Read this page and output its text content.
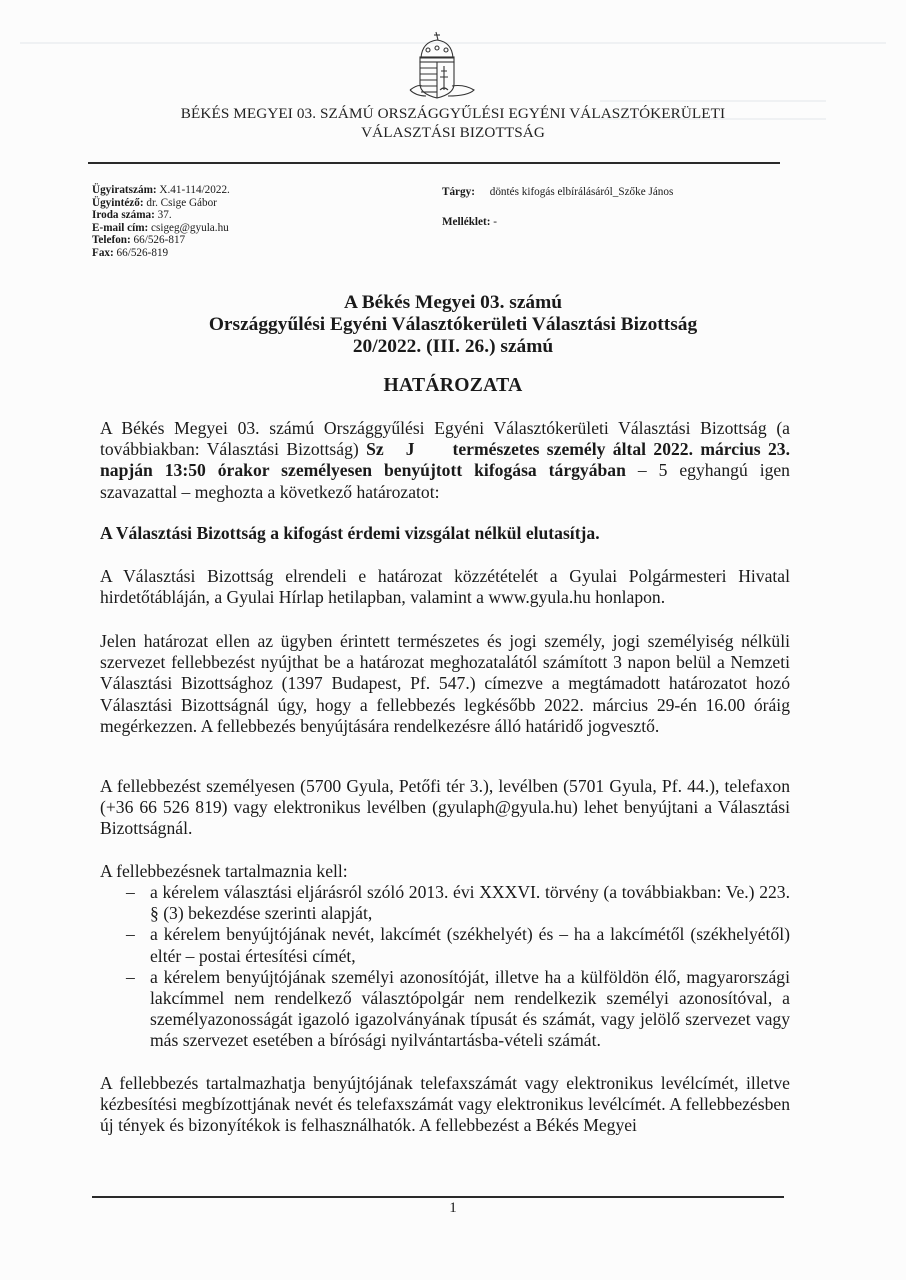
BÉKÉS MEGYEI 03. SZÁMÚ ORSZÁGGYŰLÉSI EGYÉNI VÁLASZTÓKERÜLETI
VÁLASZTÁSI BIZOTTSÁG
Ügyiratszám: X.41-114/2022.
Ügyintéző: dr. Csige Gábor
Iroda száma: 37.
E-mail cím: csigeg@gyula.hu
Telefon: 66/526-817
Fax: 66/526-819
Tárgy: döntés kifogás elbírálásáról_Szőke János
Melléklet: -
A Békés Megyei 03. számú
Országgyűlési Egyéni Választókerületi Választási Bizottság
20/2022. (III. 26.) számú
HATÁROZATA
A Békés Megyei 03. számú Országgyűlési Egyéni Választókerületi Választási Bizottság (a továbbiakban: Választási Bizottság) Sz J természetes személy által 2022. március 23. napján 13:50 órakor személyesen benyújtott kifogása tárgyában – 5 egyhangú igen szavazattal – meghozta a következő határozatot:
A Választási Bizottság a kifogást érdemi vizsgálat nélkül elutasítja.
A Választási Bizottság elrendeli e határozat közzétételét a Gyulai Polgármesteri Hivatal hirdetőtábláján, a Gyulai Hírlap hetilapban, valamint a www.gyula.hu honlapon.
Jelen határozat ellen az ügyben érintett természetes és jogi személy, jogi személyiség nélküli szervezet fellebbezést nyújthat be a határozat meghozatalától számított 3 napon belül a Nemzeti Választási Bizottsághoz (1397 Budapest, Pf. 547.) címezve a megtámadott határozatot hozó Választási Bizottságnál úgy, hogy a fellebbezés legkésőbb 2022. március 29-én 16.00 óráig megérkezzen. A fellebbezés benyújtására rendelkezésre álló határidő jogvesztő.
A fellebbezést személyesen (5700 Gyula, Petőfi tér 3.), levélben (5701 Gyula, Pf. 44.), telefaxon (+36 66 526 819) vagy elektronikus levélben (gyulaph@gyula.hu) lehet benyújtani a Választási Bizottságnál.
A fellebbezésnek tartalmaznia kell:

– a kérelem választási eljárásról szóló 2013. évi XXXVI. törvény (a továbbiakban: Ve.) 223. § (3) bekezdése szerinti alapját,

– a kérelem benyújtójának nevét, lakcímét (székhelyét) és – ha a lakcímétől (székhelyétől) eltér – postai értesítési címét,

– a kérelem benyújtójának személyi azonosítóját, illetve ha a külföldön élő, magyarországi lakcímmel nem rendelkező választópolgár nem rendelkezik személyi azonosítóval, a személyazonosságát igazoló igazolványának típusát és számát, vagy jelölő szervezet vagy más szervezet esetében a bírósági nyilvántartásba-vételi számát.

A fellebbezés tartalmazhatja benyújtójának telefaxszámát vagy elektronikus levélcímét, illetve kézbesítési megbízottjának nevét és telefaxszámát vagy elektronikus levélcímét. A fellebbezésben új tények és bizonyítékok is felhasználhatók. A fellebbezést a Békés Megyei
1
